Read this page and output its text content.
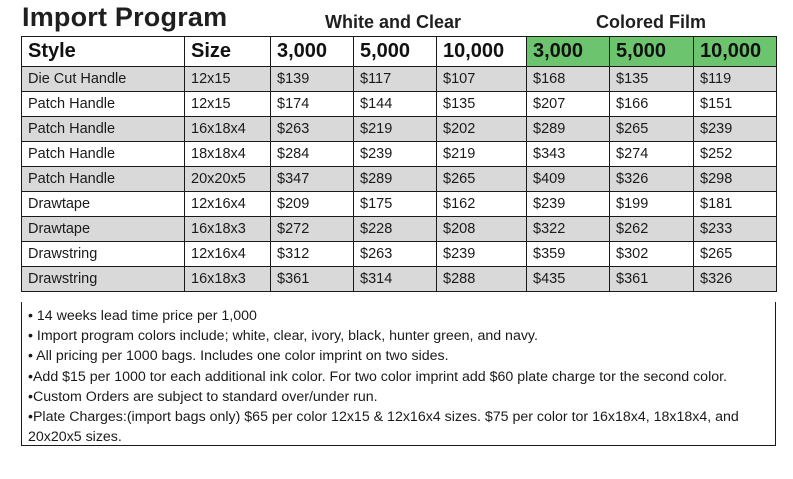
Import Program	White and Clear	Colored Film
Style	Size	3,000	5,000	10,000	3,000	5,000	10,000
Die Cut Handle	12x15	$139	$117	$107	$168	$135	$119
Patch Handle	12x15	$174	$144	$135	$207	$166	$151
Patch Handle	16x18x4	$263	$219	$202	$289	$265	$239
Patch Handle	18x18x4	$284	$239	$219	$343	$274	$252
Patch Handle	20x20x5	$347	$289	$265	$409	$326	$298
Drawtape	12x16x4	$209	$175	$162	$239	$199	$181
Drawtape	16x18x3	$272	$228	$208	$322	$262	$233
Drawstring	12x16x4	$312	$263	$239	$359	$302	$265
Drawstring	16x18x3	$361	$314	$288	$435	$361	$326
• 14 weeks lead time price per 1,000
• Import program colors include; white, clear, ivory, black, hunter green, and navy.
• All pricing per 1000 bags. Includes one color imprint on two sides.
•Add $15 per 1000 tor each additional ink color. For two color imprint add $60 plate charge tor the second color.
•Custom Orders are subject to standard over/under run.
•Plate Charges:(import bags only) $65 per color 12x15 & 12x16x4 sizes. $75 per color tor 16x18x4, 18x18x4, and 20x20x5 sizes.
